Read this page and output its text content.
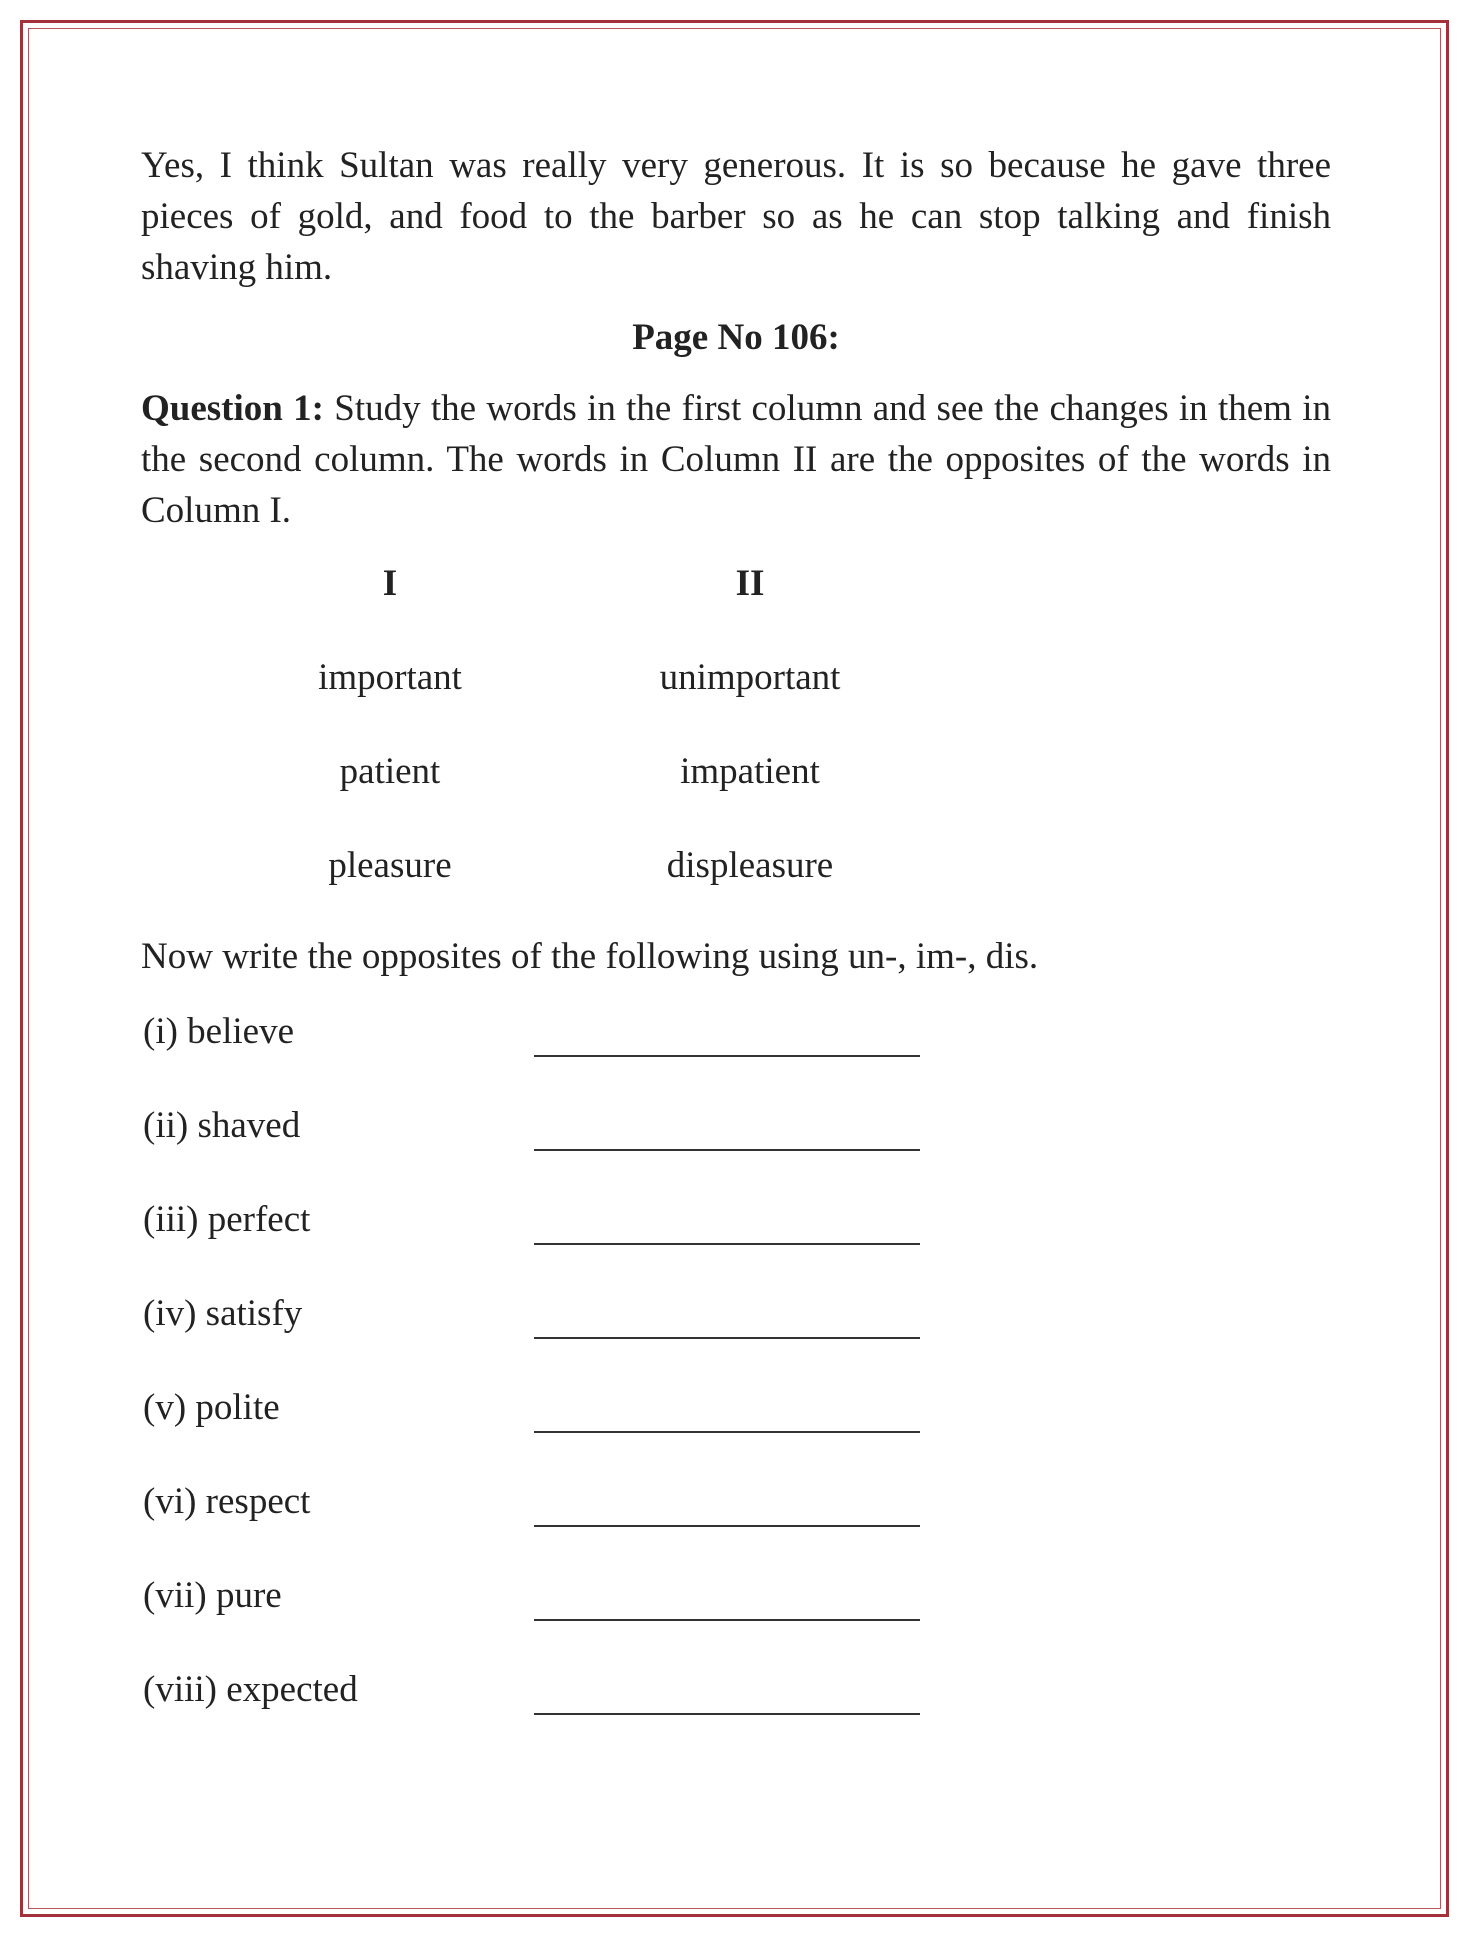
Yes, I think Sultan was really very generous. It is so because he gave three pieces of gold, and food to the barber so as he can stop talking and finish shaving him.

Page No 106:

Question 1: Study the words in the first column and see the changes in them in the second column. The words in Column II are the opposites of the words in Column I.

I	II
important	unimportant
patient	impatient
pleasure	displeasure

Now write the opposites of the following using un-, im-, dis.

(i) believe
(ii) shaved
(iii) perfect
(iv) satisfy
(v) polite
(vi) respect
(vii) pure
(viii) expected
